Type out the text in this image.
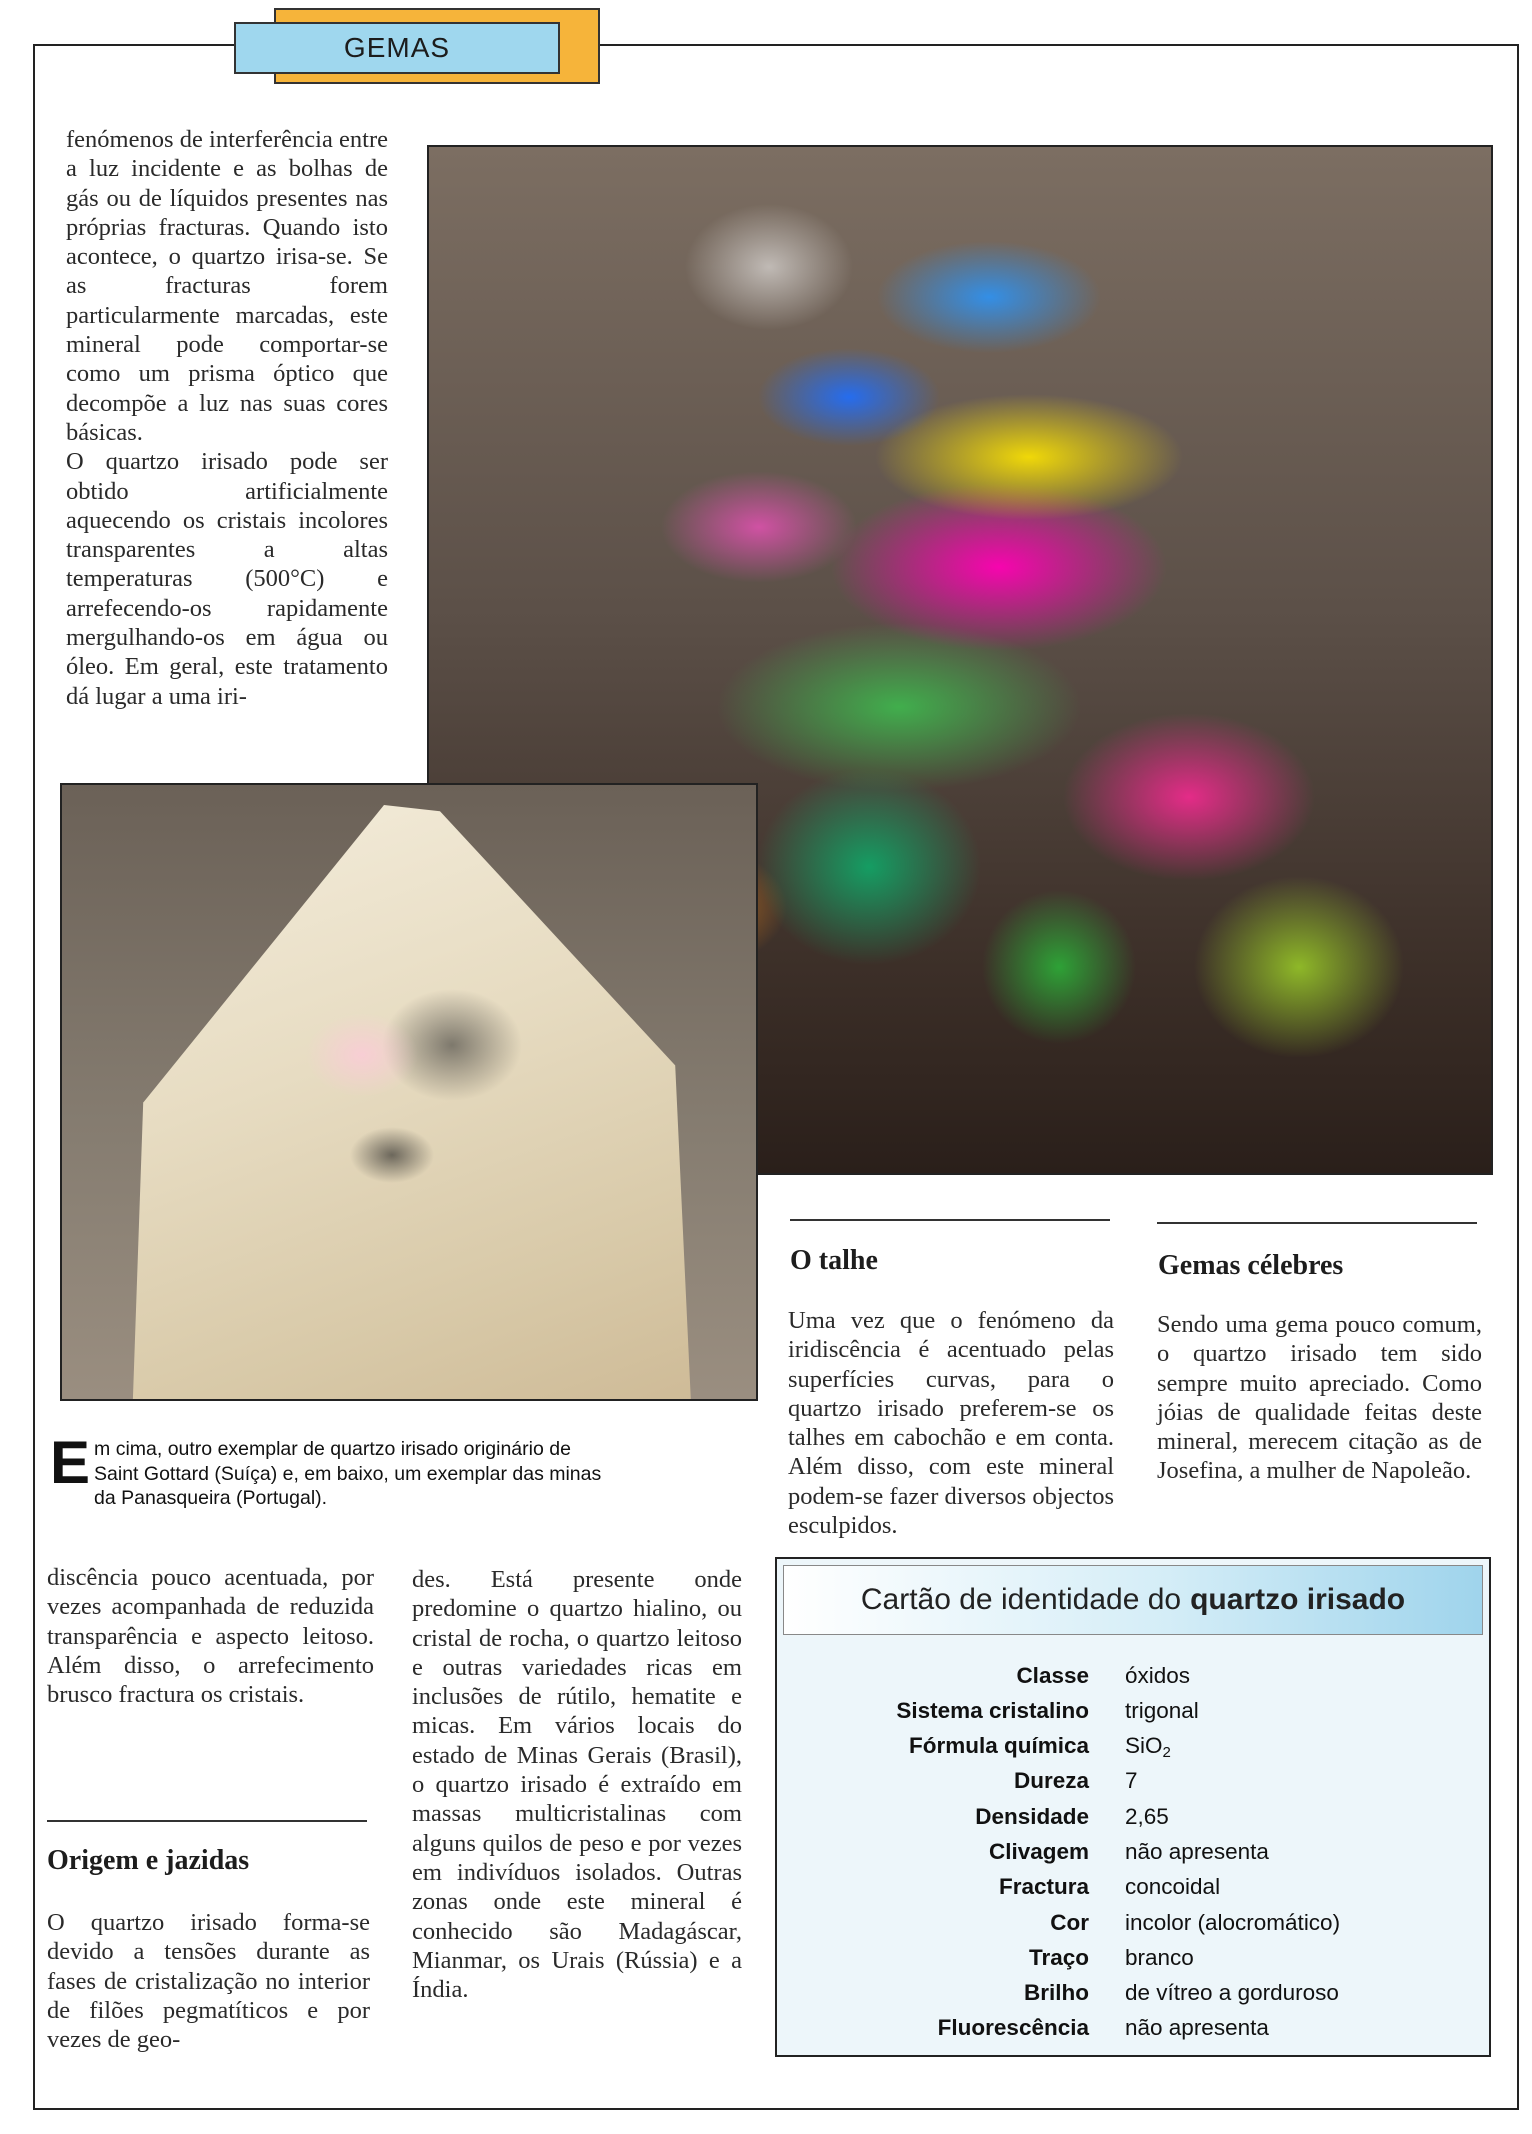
GEMAS
fenómenos de interferência entre a luz incidente e as bolhas de gás ou de líquidos presentes nas próprias fracturas. Quando isto acontece, o quartzo irisa-se. Se as fracturas forem particularmente marcadas, este mineral pode comportar-se como um prisma óptico que decompõe a luz nas suas cores básicas.
O quartzo irisado pode ser obtido artificialmente aquecendo os cristais incolores transparentes a altas temperaturas (500°C) e arrefecendo-os rapidamente mergulhando-os em água ou óleo. Em geral, este tratamento dá lugar a uma iri-
Em cima, outro exemplar de quartzo irisado originário de Saint Gottard (Suíça) e, em baixo, um exemplar das minas da Panasqueira (Portugal).
O talhe
Uma vez que o fenómeno da iridiscência é acentuado pelas superfícies curvas, para o quartzo irisado preferem-se os talhes em cabochão e em conta. Além disso, com este mineral podem-se fazer diversos objectos esculpidos.
Gemas célebres
Sendo uma gema pouco comum, o quartzo irisado tem sido sempre muito apreciado. Como jóias de qualidade feitas deste mineral, merecem citação as de Josefina, a mulher de Napoleão.
discência pouco acentuada, por vezes acompanhada de reduzida transparência e aspecto leitoso. Além disso, o arrefecimento brusco fractura os cristais.
Origem e jazidas
O quartzo irisado forma-se devido a tensões durante as fases de cristalização no interior de filões pegmatíticos e por vezes de geo-
des. Está presente onde predomine o quartzo hialino, ou cristal de rocha, o quartzo leitoso e outras variedades ricas em inclusões de rútilo, hematite e micas. Em vários locais do estado de Minas Gerais (Brasil), o quartzo irisado é extraído em massas multicristalinas com alguns quilos de peso e por vezes em indivíduos isolados. Outras zonas onde este mineral é conhecido são Madagáscar, Mianmar, os Urais (Rússia) e a Índia.
Cartão de identidade do quartzo irisado
Classe óxidos
Sistema cristalino trigonal
Fórmula química SiO$_2$
Dureza 7
Densidade 2,65
Clivagem não apresenta
Fractura concoidal
Cor incolor (alocromático)
Traço branco
Brilho de vítreo a gorduroso
Fluorescência não apresenta
